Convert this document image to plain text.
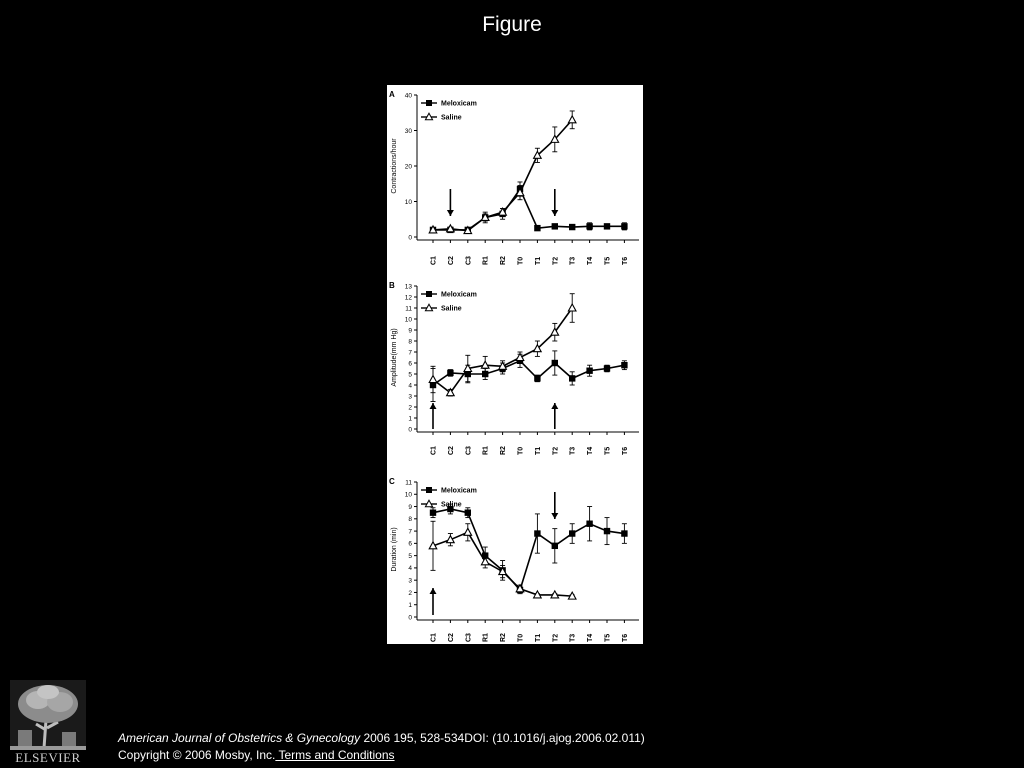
Figure
A
Contractions/hour
0
10
20
30
40
C1 C2 C3 R1 R2 T0 T1 T2 T3 T4 T5 T6
Meloxicam
Saline
B
Amplitude(mm Hg)
0
1
2
3
4
5
6
7
8
9
10
11
12
13
C1 C2 C3 R1 R2 T0 T1 T2 T3 T4 T5 T6
Meloxicam
Saline
C
Duration (min)
0
1
2
3
4
5
6
7
8
9
10
11
C1 C2 C3 R1 R2 T0 T1 T2 T3 T4 T5 T6
Meloxicam
Saline
ELSEVIER
American Journal of Obstetrics & Gynecology 2006 195, 528-534DOI: (10.1016/j.ajog.2006.02.011)
Copyright © 2006 Mosby, Inc. Terms and Conditions
